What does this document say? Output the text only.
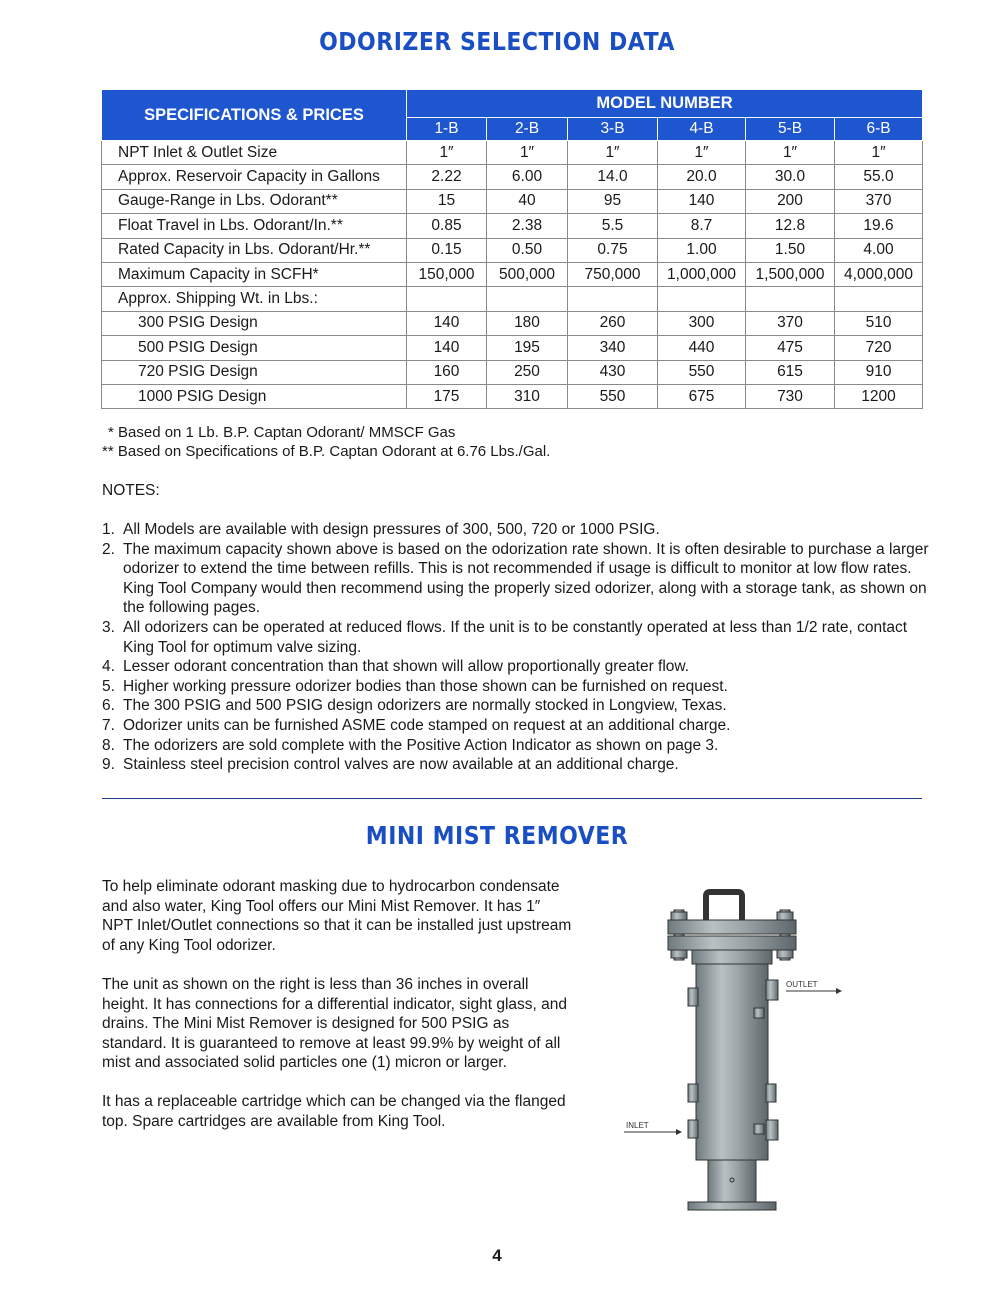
ODORIZER SELECTION DATA
SPECIFICATIONS & PRICES	MODEL NUMBER					
	1-B	2-B	3-B	4-B	5-B	6-B
NPT Inlet & Outlet Size	1″	1″	1″	1″	1″	1″
Approx. Reservoir Capacity in Gallons	2.22	6.00	14.0	20.0	30.0	55.0
Gauge-Range in Lbs. Odorant**	15	40	95	140	200	370
Float Travel in Lbs. Odorant/In.**	0.85	2.38	5.5	8.7	12.8	19.6
Rated Capacity in Lbs. Odorant/Hr.**	0.15	0.50	0.75	1.00	1.50	4.00
Maximum Capacity in SCFH*	150,000	500,000	750,000	1,000,000	1,500,000	4,000,000
Approx. Shipping Wt. in Lbs.:						
300 PSIG Design	140	180	260	300	370	510
500 PSIG Design	140	195	340	440	475	720
720 PSIG Design	160	250	430	550	615	910
1000 PSIG Design	175	310	550	675	730	1200
* Based on 1 Lb. B.P. Captan Odorant/ MMSCF Gas
** Based on Specifications of B.P. Captan Odorant at 6.76 Lbs./Gal.
NOTES:
1. All Models are available with design pressures of 300, 500, 720 or 1000 PSIG.
2. The maximum capacity shown above is based on the odorization rate shown. It is often desirable to purchase a larger odorizer to extend the time between refills. This is not recommended if usage is difficult to monitor at low flow rates. King Tool Company would then recommend using the properly sized odorizer, along with a storage tank, as shown on the following pages.
3. All odorizers can be operated at reduced flows. If the unit is to be constantly operated at less than 1/2 rate, contact King Tool for optimum valve sizing.
4. Lesser odorant concentration than that shown will allow proportionally greater flow.
5. Higher working pressure odorizer bodies than those shown can be furnished on request.
6. The 300 PSIG and 500 PSIG design odorizers are normally stocked in Longview, Texas.
7. Odorizer units can be furnished ASME code stamped on request at an additional charge.
8. The odorizers are sold complete with the Positive Action Indicator as shown on page 3.
9. Stainless steel precision control valves are now available at an additional charge.
MINI MIST REMOVER

To help eliminate odorant masking due to hydrocarbon condensate and also water, King Tool offers our Mini Mist Remover. It has 1″ NPT Inlet/Outlet connections so that it can be installed just upstream of any King Tool odorizer.

The unit as shown on the right is less than 36 inches in overall height. It has connections for a differential indicator, sight glass, and drains. The Mini Mist Remover is designed for 500 PSIG as standard. It is guaranteed to remove at least 99.9% by weight of all mist and associated solid particles one (1) micron or larger.

It has a replaceable cartridge which can be changed via the flanged top. Spare cartridges are available from King Tool.

OUTLET
INLET
4
